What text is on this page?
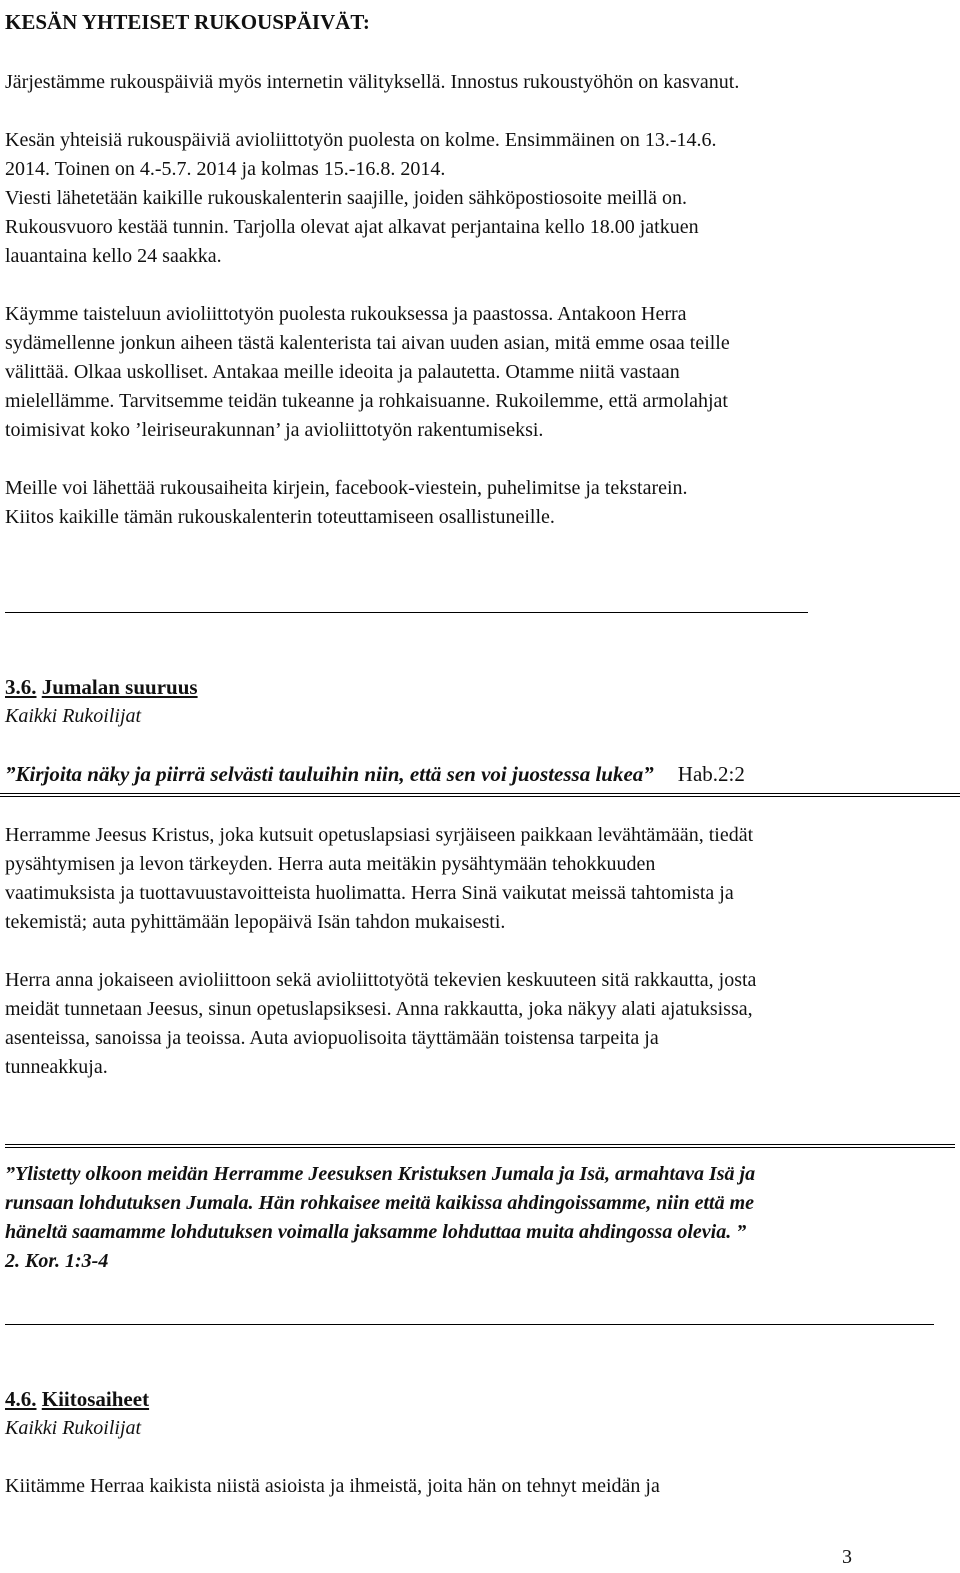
KESÄN YHTEISET RUKOUSPÄIVÄT:

Järjestämme rukouspäiviä myös internetin välityksellä. Innostus rukoustyöhön on kasvanut.

Kesän yhteisiä rukouspäiviä avioliittotyön puolesta on kolme. Ensimmäinen on 13.-14.6.
2014. Toinen on 4.-5.7. 2014 ja kolmas 15.-16.8. 2014.
Viesti lähetetään kaikille rukouskalenterin saajille, joiden sähköpostiosoite meillä on.
Rukousvuoro kestää tunnin. Tarjolla olevat ajat alkavat perjantaina kello 18.00 jatkuen
lauantaina kello 24 saakka.

Käymme taisteluun avioliittotyön puolesta rukouksessa ja paastossa. Antakoon Herra
sydämellenne jonkun aiheen tästä kalenterista tai aivan uuden asian, mitä emme osaa teille
välittää. Olkaa uskolliset. Antakaa meille ideoita ja palautetta. Otamme niitä vastaan
mielellämme. Tarvitsemme teidän tukeanne ja rohkaisuanne. Rukoilemme, että armolahjat
toimisivat koko ’leiriseurakunnan’ ja avioliittotyön rakentumiseksi.

Meille voi lähettää rukousaiheita kirjein, facebook-viestein, puhelimitse ja tekstarein.
Kiitos kaikille tämän rukouskalenterin toteuttamiseen osallistuneille.

3.6. Jumalan suuruus
Kaikki Rukoilijat
”Kirjoita näky ja piirrä selvästi tauluihin niin, että sen voi juostessa lukea” Hab.2:2

Herramme Jeesus Kristus, joka kutsuit opetuslapsiasi syrjäiseen paikkaan levähtämään, tiedät
pysähtymisen ja levon tärkeyden. Herra auta meitäkin pysähtymään tehokkuuden
vaatimuksista ja tuottavuustavoitteista huolimatta. Herra Sinä vaikutat meissä tahtomista ja
tekemistä; auta pyhittämään lepopäivä Isän tahdon mukaisesti.

Herra anna jokaiseen avioliittoon sekä avioliittotyötä tekevien keskuuteen sitä rakkautta, josta
meidät tunnetaan Jeesus, sinun opetuslapsiksesi. Anna rakkautta, joka näkyy alati ajatuksissa,
asenteissa, sanoissa ja teoissa. Auta aviopuolisoita täyttämään toistensa tarpeita ja
tunneakkuja.

”Ylistetty olkoon meidän Herramme Jeesuksen Kristuksen Jumala ja Isä, armahtava Isä ja
runsaan lohdutuksen Jumala. Hän rohkaisee meitä kaikissa ahdingoissamme, niin että me
häneltä saamamme lohdutuksen voimalla jaksamme lohduttaa muita ahdingossa olevia. ”
2. Kor. 1:3-4

4.6. Kiitosaiheet
Kaikki Rukoilijat

Kiitämme Herraa kaikista niistä asioista ja ihmeistä, joita hän on tehnyt meidän ja

3
